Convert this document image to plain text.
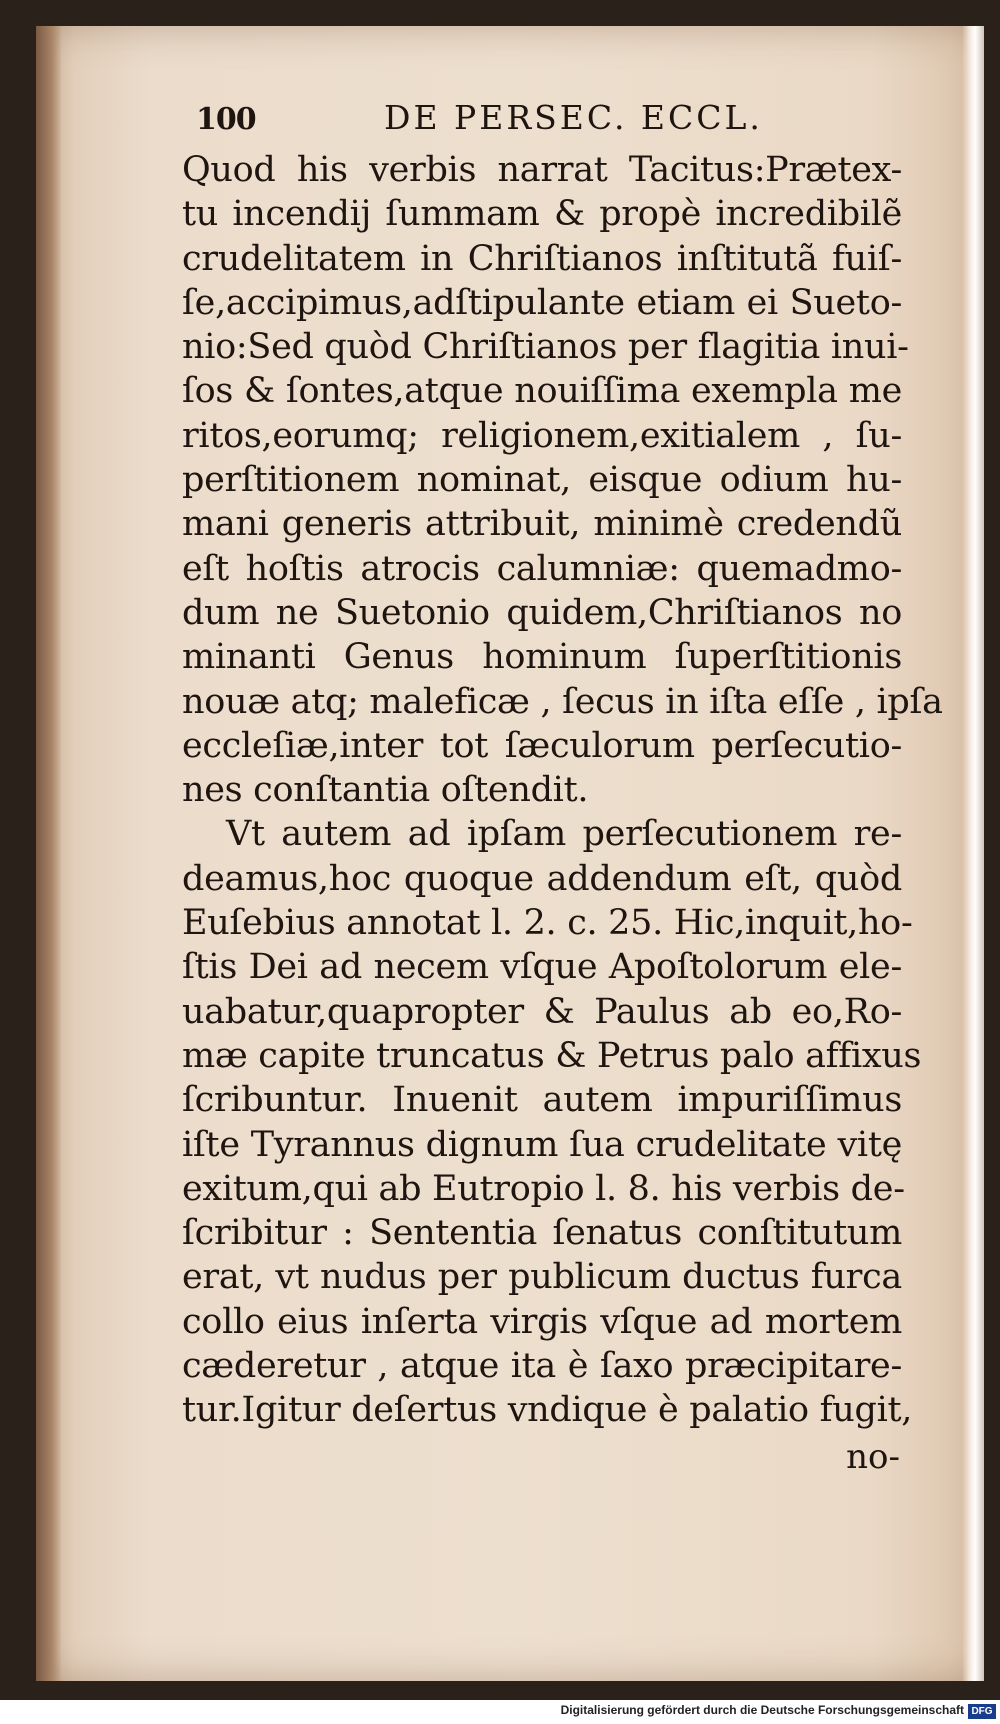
100	DE PERSEC. ECCL.
Quod his verbis narrat Tacitus:Prætex-
tu incendij ſummam & propè incredibilẽ
crudelitatem in Chriſtianos inſtitutã fuiſ-
ſe,accipimus,adſtipulante etiam ei Sueto-
nio:Sed quòd Chriſtianos per flagitia inui-
ſos & ſontes,atque nouiſſima exempla me
ritos,eorumq; religionem,exitialem , ſu-
perſtitionem nominat, eisque odium hu-
mani generis attribuit, minimè credendũ
eſt hoſtis atrocis calumniæ: quemadmo-
dum ne Suetonio quidem,Chriſtianos no
minanti Genus hominum ſuperſtitionis
nouæ atq; maleficæ , ſecus in iſta eſſe , ipſa
eccleſiæ,inter tot ſæculorum perſecutio-
nes conſtantia oſtendit.
Vt autem ad ipſam perſecutionem re-
deamus,hoc quoque addendum eſt, quòd
Euſebius annotat l. 2. c. 25. Hic,inquit,ho-
ſtis Dei ad necem vſque Apoſtolorum ele-
uabatur,quapropter & Paulus ab eo,Ro-
mæ capite truncatus & Petrus palo affixus
ſcribuntur. Inuenit autem impuriſſimus
iſte Tyrannus dignum ſua crudelitate vitę
exitum,qui ab Eutropio l. 8. his verbis de-
ſcribitur : Sententia ſenatus conſtitutum
erat, vt nudus per publicum ductus furca
collo eius inſerta virgis vſque ad mortem
cæderetur , atque ita è ſaxo præcipitare-
tur.Igitur deſertus vndique è palatio fugit,
no-
Digitalisierung gefördert durch die Deutsche Forschungsgemeinschaft DFG
